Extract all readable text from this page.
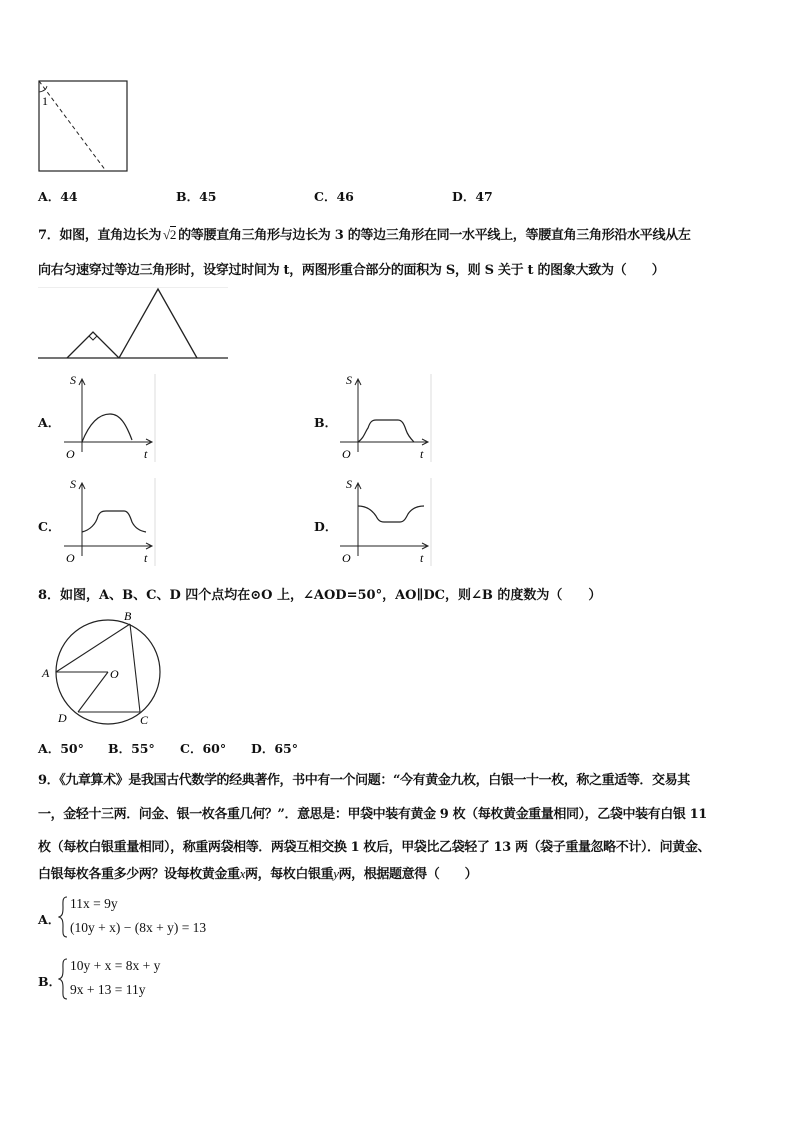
1
A．44	B．45	C．46	D．47
7．如图，直角边长为 √2 的等腰直角三角形与边长为 3 的等边三角形在同一水平线上，等腰直角三角形沿水平线从左
向右匀速穿过等边三角形时，设穿过时间为 t，两图形重合部分的面积为 S，则 S 关于 t 的图象大致为（　　）
A．
S
t
O
B．
S
t
O
C．
S
t
O
D．
S
t
O
8．如图，A、B、C、D 四个点均在⊙O 上，∠AOD=50°，AO∥DC，则∠B 的度数为（　　）
A
B
C
D
O
A．50° B．55° C．60° D．65°
9．《九章算术》是我国古代数学的经典著作，书中有一个问题：“今有黄金九枚，白银一十一枚，称之重适等．交易其
一，金轻十三两．问金、银一枚各重几何？”．意思是：甲袋中装有黄金 9 枚（每枚黄金重量相同），乙袋中装有白银 11
枚（每枚白银重量相同），称重两袋相等．两袋互相交换 1 枚后，甲袋比乙袋轻了 13 两（袋子重量忽略不计）．问黄金、
白银每枚各重多少两？设每枚黄金重x两，每枚白银重y两，根据题意得（　　）
A．
11x = 9y
(10y + x) − (8x + y) = 13
B．
10y + x = 8x + y
9x + 13 = 11y
